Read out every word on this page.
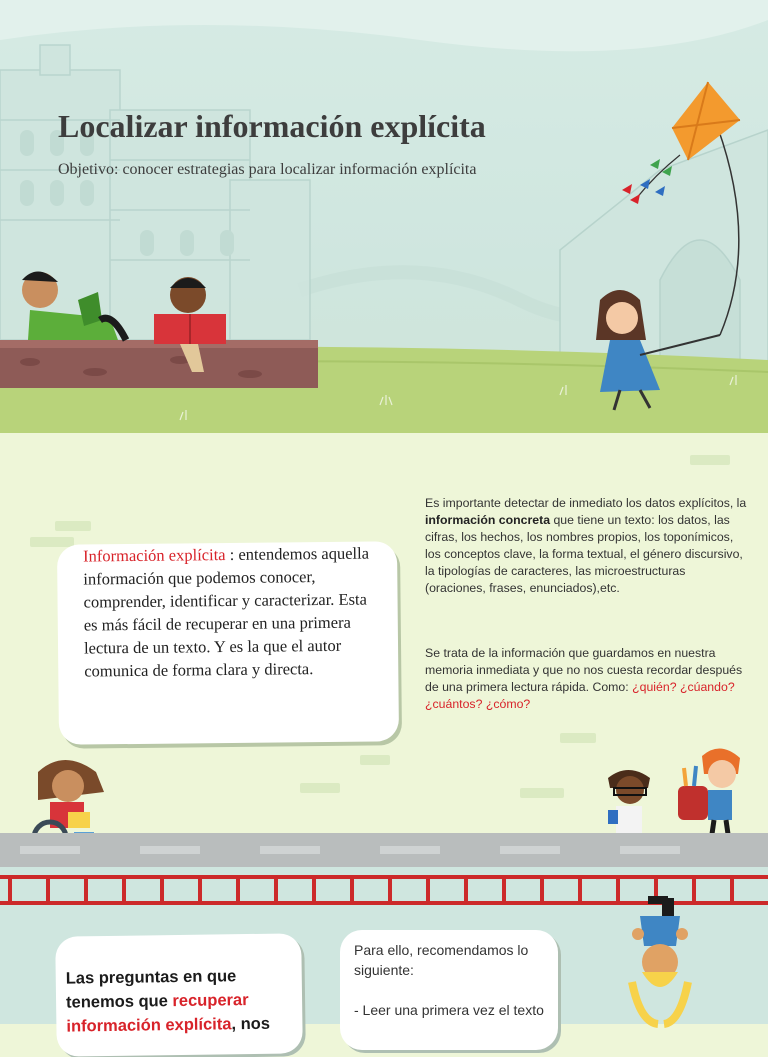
Localizar información explícita

Objetivo: conocer estrategias para localizar información explícita

Información explícita : entendemos aquella información que podemos conocer, comprender, identificar y caracterizar. Esta es más fácil de recuperar en una primera lectura de un texto. Y es la que el autor comunica de forma clara y directa.

Es importante detectar de inmediato los datos explícitos, la información concreta que tiene un texto: los datos, las cifras, los hechos, los nombres propios, los toponímicos, los conceptos clave, la forma textual, el género discursivo, la tipologías de caracteres, las microestructuras (oraciones, frases, enunciados),etc.

Se trata de la información que guardamos en nuestra memoria inmediata y que no nos cuesta recordar después de una primera lectura rápida. Como: ¿quién? ¿cúando? ¿cuántos? ¿cómo?

Las preguntas en que tenemos que recuperar información explícita, nos

Para ello, recomendamos lo siguiente:

- Leer una primera vez el texto
